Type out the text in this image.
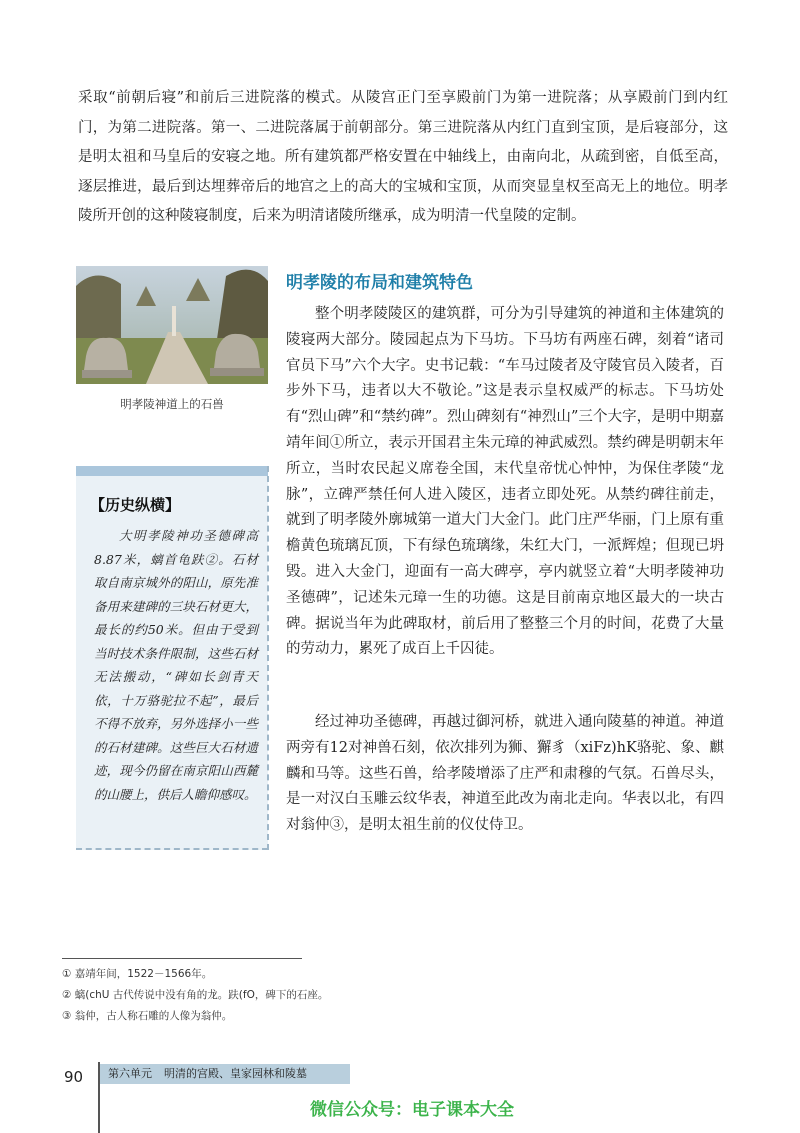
采取“前朝后寝”和前后三进院落的模式。从陵宫正门至享殿前门为第一进院落；从享殿前门到内红门，为第二进院落。第一、二进院落属于前朝部分。第三进院落从内红门直到宝顶，是后寝部分，这是明太祖和马皇后的安寝之地。所有建筑都严格安置在中轴线上，由南向北，从疏到密，自低至高，逐层推进，最后到达埋葬帝后的地宫之上的高大的宝城和宝顶，从而突显皇权至高无上的地位。明孝陵所开创的这种陵寝制度，后来为明清诸陵所继承，成为明清一代皇陵的定制。

明孝陵神道上的石兽
【历史纵横】

大明孝陵神功圣德碑高8.87米，螭首龟趺②。石材取自南京城外的阳山，原先准备用来建碑的三块石材更大，最长的约50米。但由于受到当时技术条件限制，这些石材无法搬动，“碑如长剑青天依，十万骆驼拉不起”，最后不得不放弃，另外选择小一些的石材建碑。这些巨大石材遗迹，现今仍留在南京阳山西麓的山腰上，供后人瞻仰感叹。

明孝陵的布局和建筑特色

整个明孝陵陵区的建筑群，可分为引导建筑的神道和主体建筑的陵寝两大部分。陵园起点为下马坊。下马坊有两座石碑，刻着“诸司官员下马”六个大字。史书记载：“车马过陵者及守陵官员入陵者，百步外下马，违者以大不敬论。”这是表示皇权威严的标志。下马坊处有“烈山碑”和“禁约碑”。烈山碑刻有“神烈山”三个大字，是明中期嘉靖年间①所立，表示开国君主朱元璋的神武威烈。禁约碑是明朝末年所立，当时农民起义席卷全国，末代皇帝忧心忡忡，为保住孝陵“龙脉”，立碑严禁任何人进入陵区，违者立即处死。从禁约碑往前走，就到了明孝陵外廓城第一道大门大金门。此门庄严华丽，门上原有重檐黄色琉璃瓦顶，下有绿色琉璃缘，朱红大门，一派辉煌；但现已坍毁。进入大金门，迎面有一高大碑亭，亭内就竖立着“大明孝陵神功圣德碑”，记述朱元璋一生的功德。这是目前南京地区最大的一块古碑。据说当年为此碑取材，前后用了整整三个月的时间，花费了大量的劳动力，累死了成百上千囚徒。

经过神功圣德碑，再越过御河桥，就进入通向陵墓的神道。神道两旁有12对神兽石刻，依次排列为狮、獬豸（xiFz)hK骆驼、象、麒麟和马等。这些石兽，给孝陵增添了庄严和肃穆的气氛。石兽尽头，是一对汉白玉雕云纹华表，神道至此改为南北走向。华表以北，有四对翁仲③，是明太祖生前的仪仗侍卫。

① 嘉靖年间，1522－1566年。
② 螭(chU 古代传说中没有角的龙。趺(fO，碑下的石座。
③ 翁仲，古人称石雕的人像为翁仲。
90	第六单元 明清的宫殿、皇家园林和陵墓
微信公众号：电子课本大全
